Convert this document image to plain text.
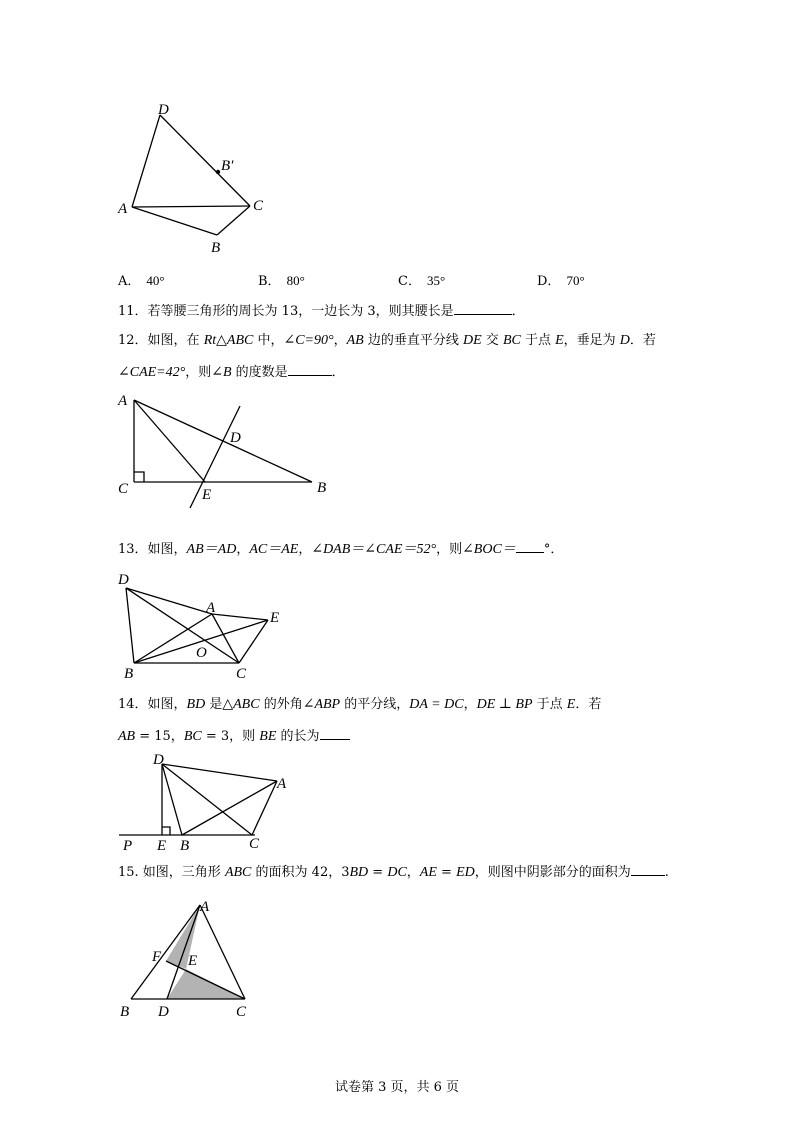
D
B′
A	C
B
A． 40°	B． 80°	C． 35°	D． 70°
11．若等腰三角形的周长为 13，一边长为 3，则其腰长是	．
12．如图，在 Rt△ABC 中，∠C=90°，AB 边的垂直平分线 DE 交 BC 于点 E，垂足为 D．若
∠CAE=42°，则∠B 的度数是	．
A
D
C	E	B
13．如图，AB＝AD，AC＝AE，∠DAB＝∠CAE＝52°，则∠BOC＝ °．
D
A
E
O
B	C
14．如图，BD 是△ABC 的外角∠ABP 的平分线，DA = DC，DE ⊥ BP 于点 E．若
AB = 15，BC = 3，则 BE 的长为
D
A
P E B	C
15. 如图，三角形 ABC 的面积为 42，3BD = DC，AE = ED，则图中阴影部分的面积为	.
A
F E
B D	C
试卷第 3 页，共 6 页
